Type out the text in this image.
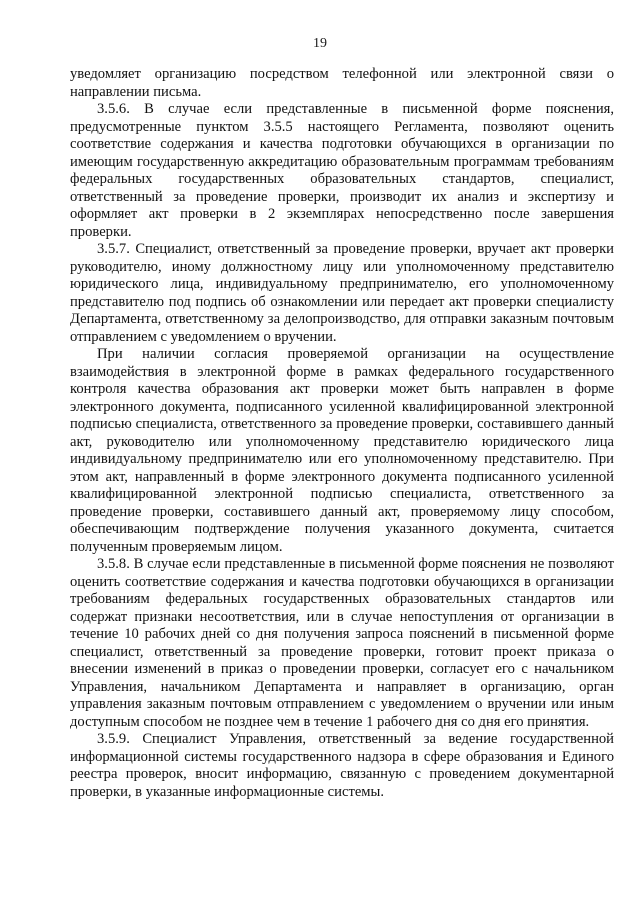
19

уведомляет организацию посредством телефонной или электронной связи о направлении письма.

3.5.6. В случае если представленные в письменной форме пояснения, предусмотренные пунктом 3.5.5 настоящего Регламента, позволяют оценить соответствие содержания и качества подготовки обучающихся в организации по имеющим государственную аккредитацию образовательным программам требованиям федеральных государственных образовательных стандартов, специалист, ответственный за проведение проверки, производит их анализ и экспертизу и оформляет акт проверки в 2 экземплярах непосредственно после завершения проверки.

3.5.7. Специалист, ответственный за проведение проверки, вручает акт проверки руководителю, иному должностному лицу или уполномоченному представителю юридического лица, индивидуальному предпринимателю, его уполномоченному представителю под подпись об ознакомлении или передает акт проверки специалисту Департамента, ответственному за делопроизводство, для отправки заказным почтовым отправлением с уведомлением о вручении.

При наличии согласия проверяемой организации на осуществление взаимодействия в электронной форме в рамках федерального государственного контроля качества образования акт проверки может быть направлен в форме электронного документа, подписанного усиленной квалифицированной электронной подписью специалиста, ответственного за проведение проверки, составившего данный акт, руководителю или уполномоченному представителю юридического лица индивидуальному предпринимателю или его уполномоченному представителю. При этом акт, направленный в форме электронного документа подписанного усиленной квалифицированной электронной подписью специалиста, ответственного за проведение проверки, составившего данный акт, проверяемому лицу способом, обеспечивающим подтверждение получения указанного документа, считается полученным проверяемым лицом.

3.5.8. В случае если представленные в письменной форме пояснения не позволяют оценить соответствие содержания и качества подготовки обучающихся в организации требованиям федеральных государственных образовательных стандартов или содержат признаки несоответствия, или в случае непоступления от организации в течение 10 рабочих дней со дня получения запроса пояснений в письменной форме специалист, ответственный за проведение проверки, готовит проект приказа о внесении изменений в приказ о проведении проверки, согласует его с начальником Управления, начальником Департамента и направляет в организацию, орган управления заказным почтовым отправлением с уведомлением о вручении или иным доступным способом не позднее чем в течение 1 рабочего дня со дня его принятия.

3.5.9. Специалист Управления, ответственный за ведение государственной информационной системы государственного надзора в сфере образования и Единого реестра проверок, вносит информацию, связанную с проведением документарной проверки, в указанные информационные системы.
